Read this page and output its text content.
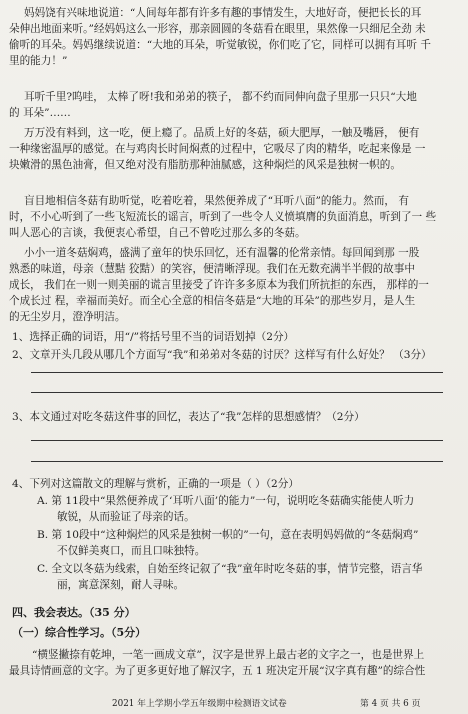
妈妈饶有兴味地说道：“人间每年都有许多有趣的事情发生，大地好奇，便把长长的耳
朵伸出地面来听。”经妈妈这么一形容，那亲圆圆的冬菇看在眼里，果然像一只细尼全劲 未
偷听的耳朵。妈妈继续说道：“大地的耳朵，听觉敏锐，你们吃了它，同样可以拥有耳听 千
里的能力！”
耳听千里?呜哇， 太棒了呀!我和弟弟的筷子， 都不约而同伸向盘子里那一只只“大地
的 耳朵”……
万万没有料到，这一吃，便上瘾了。品质上好的冬菇，硕大肥厚，一触及嘴唇， 便有
一种缘密温厚的感觉。在与鸡肉长时间焖煮的过程中，它吸尽了肉的精华，吃起来像是 一
块嫩滑的黑色油膏，但又绝对没有脂肪那种油腻感，这种焖烂的风采是独树一帜的。
盲目地相信冬菇有助听觉，吃着吃着，果然便养成了“耳听八面”的能力。然而， 有
时，不小心听到了一些飞短流长的谣言，听到了一些令人义愤填膺的负面消息，听到了一 些
叫人恶心的言谈，我便衷心希望，自己不曾吃过那么多的冬菇。
小小一道冬菇焖鸡，盛满了童年的快乐回忆，还有温馨的伦常亲情。每回闻到那 一股
熟悉的味道，母亲（慧黠 狡黠）的笑容，便清晰浮现。我们在无数充满半半假的故事中
成长， 我们在一则一则美丽的谎言里接受了许许多多原本为我们所抗拒的东西， 那样的一
个成长过 程，幸福而美好。而全心全意的相信冬菇是“大地的耳朵”的那些岁月，是人生
的无尘岁月，澄净明洁。
1、选择正确的词语，用“/”将括号里不当的词语划掉（2分）
2、文章开头几段从哪几个方面写“我”和弟弟对冬菇的讨厌？这样写有什么好处？ （3分）
3、本文通过对吃冬菇这件事的回忆，表达了“我”怎样的思想感情？（2分）
4、下列对这篇散文的理解与赏析，正确的一项是（ ）（2分）
A. 第 11段中“果然便养成了‘耳听八面’的能力”一句，说明吃冬菇确实能使人听力
敏锐，从而验证了母亲的话。
B. 第 10段中“这种焖烂的风采是独树一帜的”一句，意在表明妈妈做的“冬菇焖鸡”
不仅鲜美爽口，而且口味独特。
C. 全文以冬菇为线索，自始至终记叙了“我”童年时吃冬菇的事，情节完整，语言华
丽，寓意深刻，耐人寻味。
四、我会表达。（35 分）
（一）综合性学习。（5分）
“横竖撇捺有乾坤，一笔一画成文章”，汉字是世界上最古老的文字之一，也是世界上
最具诗情画意的文字。为了更多更好地了解汉字，五 1 班决定开展“汉字真有趣”的综合性
2021 年上学期小学五年级期中检测语文试卷	第 4 页 共 6 页
